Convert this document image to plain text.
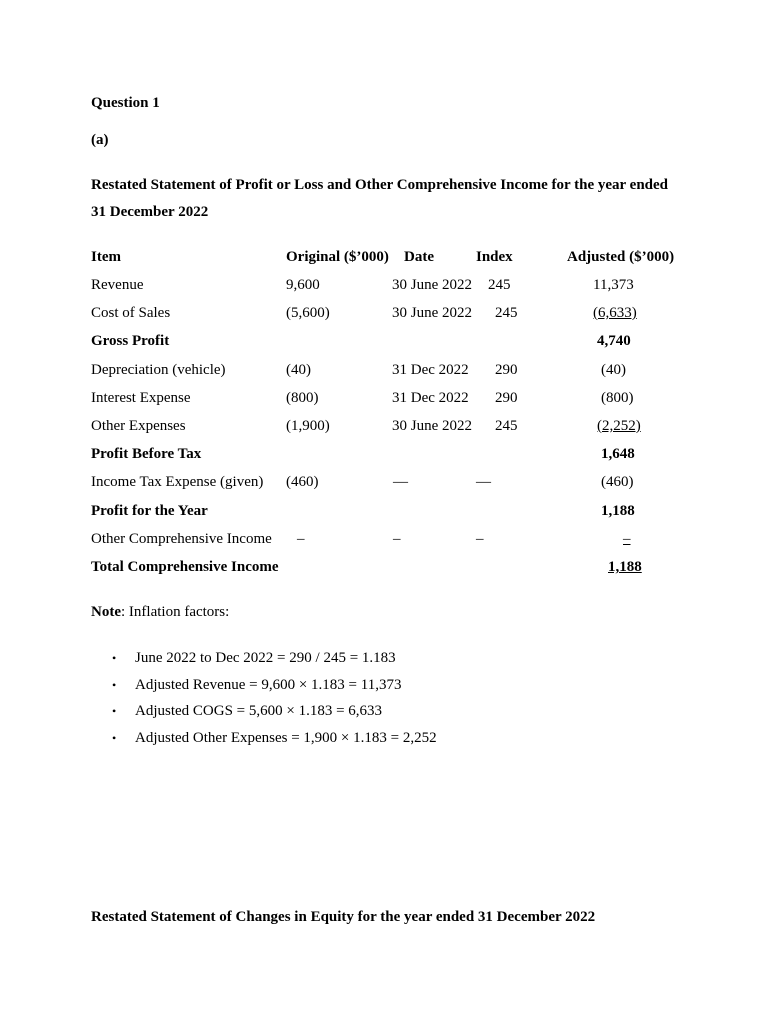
Question 1
(a)
Restated Statement of Profit or Loss and Other Comprehensive Income for the year ended
31 December 2022
Item	Original ($’000) Date	Index	Adjusted ($’000)
Revenue	9,600	30 June 2022 245	11,373
Cost of Sales	(5,600)	30 June 2022 245	(6,633)
Gross Profit	4,740
Depreciation (vehicle)	(40)	31 Dec 2022 290	(40)
Interest Expense	(800)	31 Dec 2022 290	(800)
Other Expenses	(1,900)	30 June 2022 245	(2,252)
Profit Before Tax	1,648
Income Tax Expense (given) (460)	—	—	(460)
Profit for the Year	1,188
Other Comprehensive Income –	–	–	–
Total Comprehensive Income	1,188
Note: Inflation factors:
• June 2022 to Dec 2022 = 290 / 245 = 1.183
• Adjusted Revenue = 9,600 × 1.183 = 11,373
• Adjusted COGS = 5,600 × 1.183 = 6,633
• Adjusted Other Expenses = 1,900 × 1.183 = 2,252
Restated Statement of Changes in Equity for the year ended 31 December 2022
